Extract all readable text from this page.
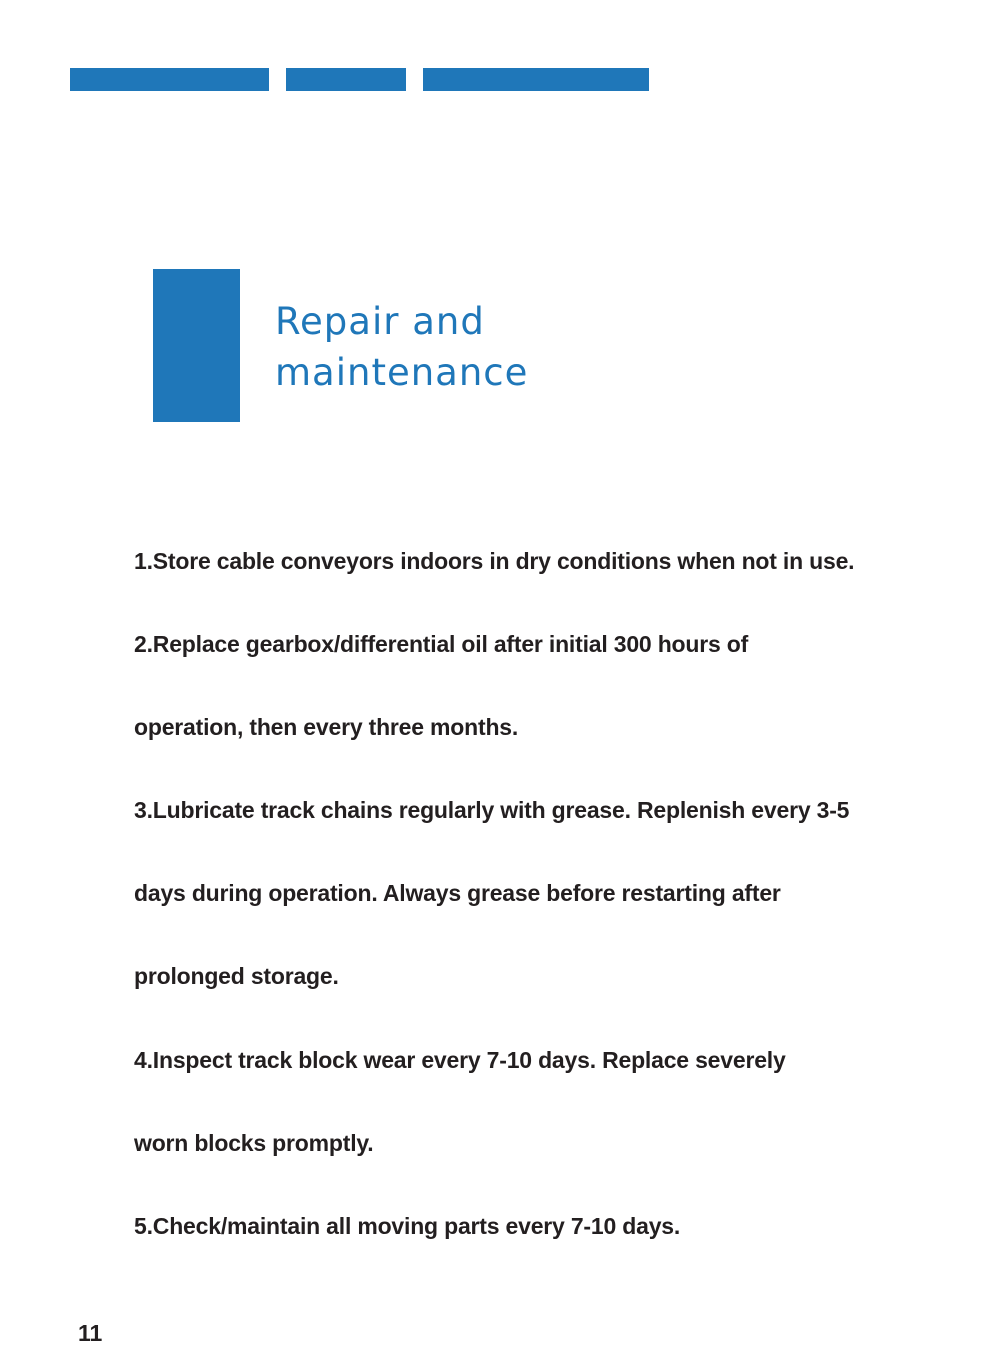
Repair and
maintenance

1.Store cable conveyors indoors in dry conditions when not in use.

2.Replace gearbox/differential oil after initial 300 hours of

operation, then every three months.

3.Lubricate track chains regularly with grease. Replenish every 3-5

days during operation. Always grease before restarting after

prolonged storage.

4.Inspect track block wear every 7-10 days. Replace severely

worn blocks promptly.

5.Check/maintain all moving parts every 7-10 days.

11
